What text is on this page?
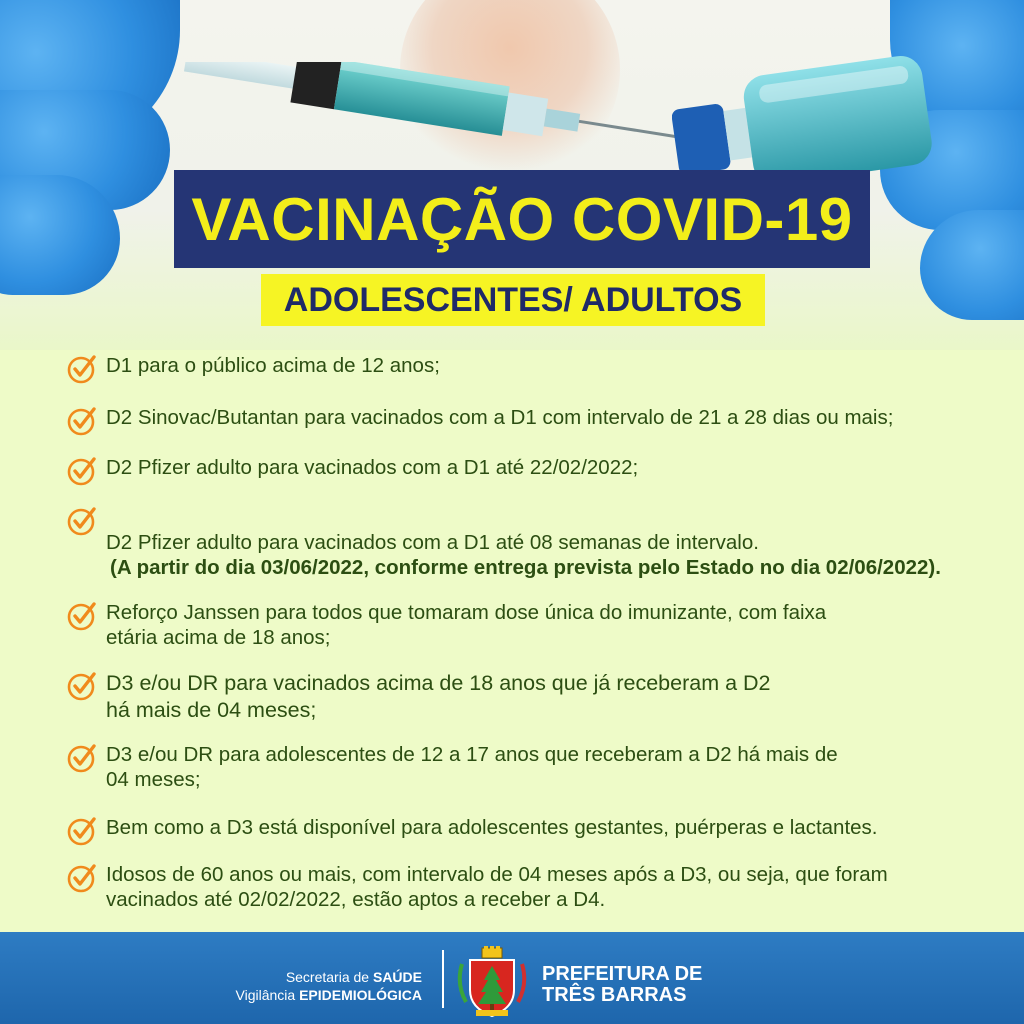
VACINAÇÃO COVID-19
ADOLESCENTES/ ADULTOS
D1 para o público acima de 12 anos;
D2 Sinovac/Butantan para vacinados com a D1 com intervalo de 21 a 28 dias ou mais;
D2 Pfizer adulto para vacinados com a D1 até 22/02/2022;

D2 Pfizer adulto para vacinados com a D1 até 08 semanas de intervalo.

(A partir do dia 03/06/2022, conforme entrega prevista pelo Estado no dia 02/06/2022).

Reforço Janssen para todos que tomaram dose única do imunizante, com faixa
etária acima de 18 anos;
D3 e/ou DR para vacinados acima de 18 anos que já receberam a D2
há mais de 04 meses;
D3 e/ou DR para adolescentes de 12 a 17 anos que receberam a D2 há mais de
04 meses;
Bem como a D3 está disponível para adolescentes gestantes, puérperas e lactantes.
Idosos de 60 anos ou mais, com intervalo de 04 meses após a D3, ou seja, que foram
vacinados até 02/02/2022, estão aptos a receber a D4.
Secretaria de SAÚDE
Vigilância EPIDEMIOLÓGICA
PREFEITURA DE
TRÊS BARRAS
